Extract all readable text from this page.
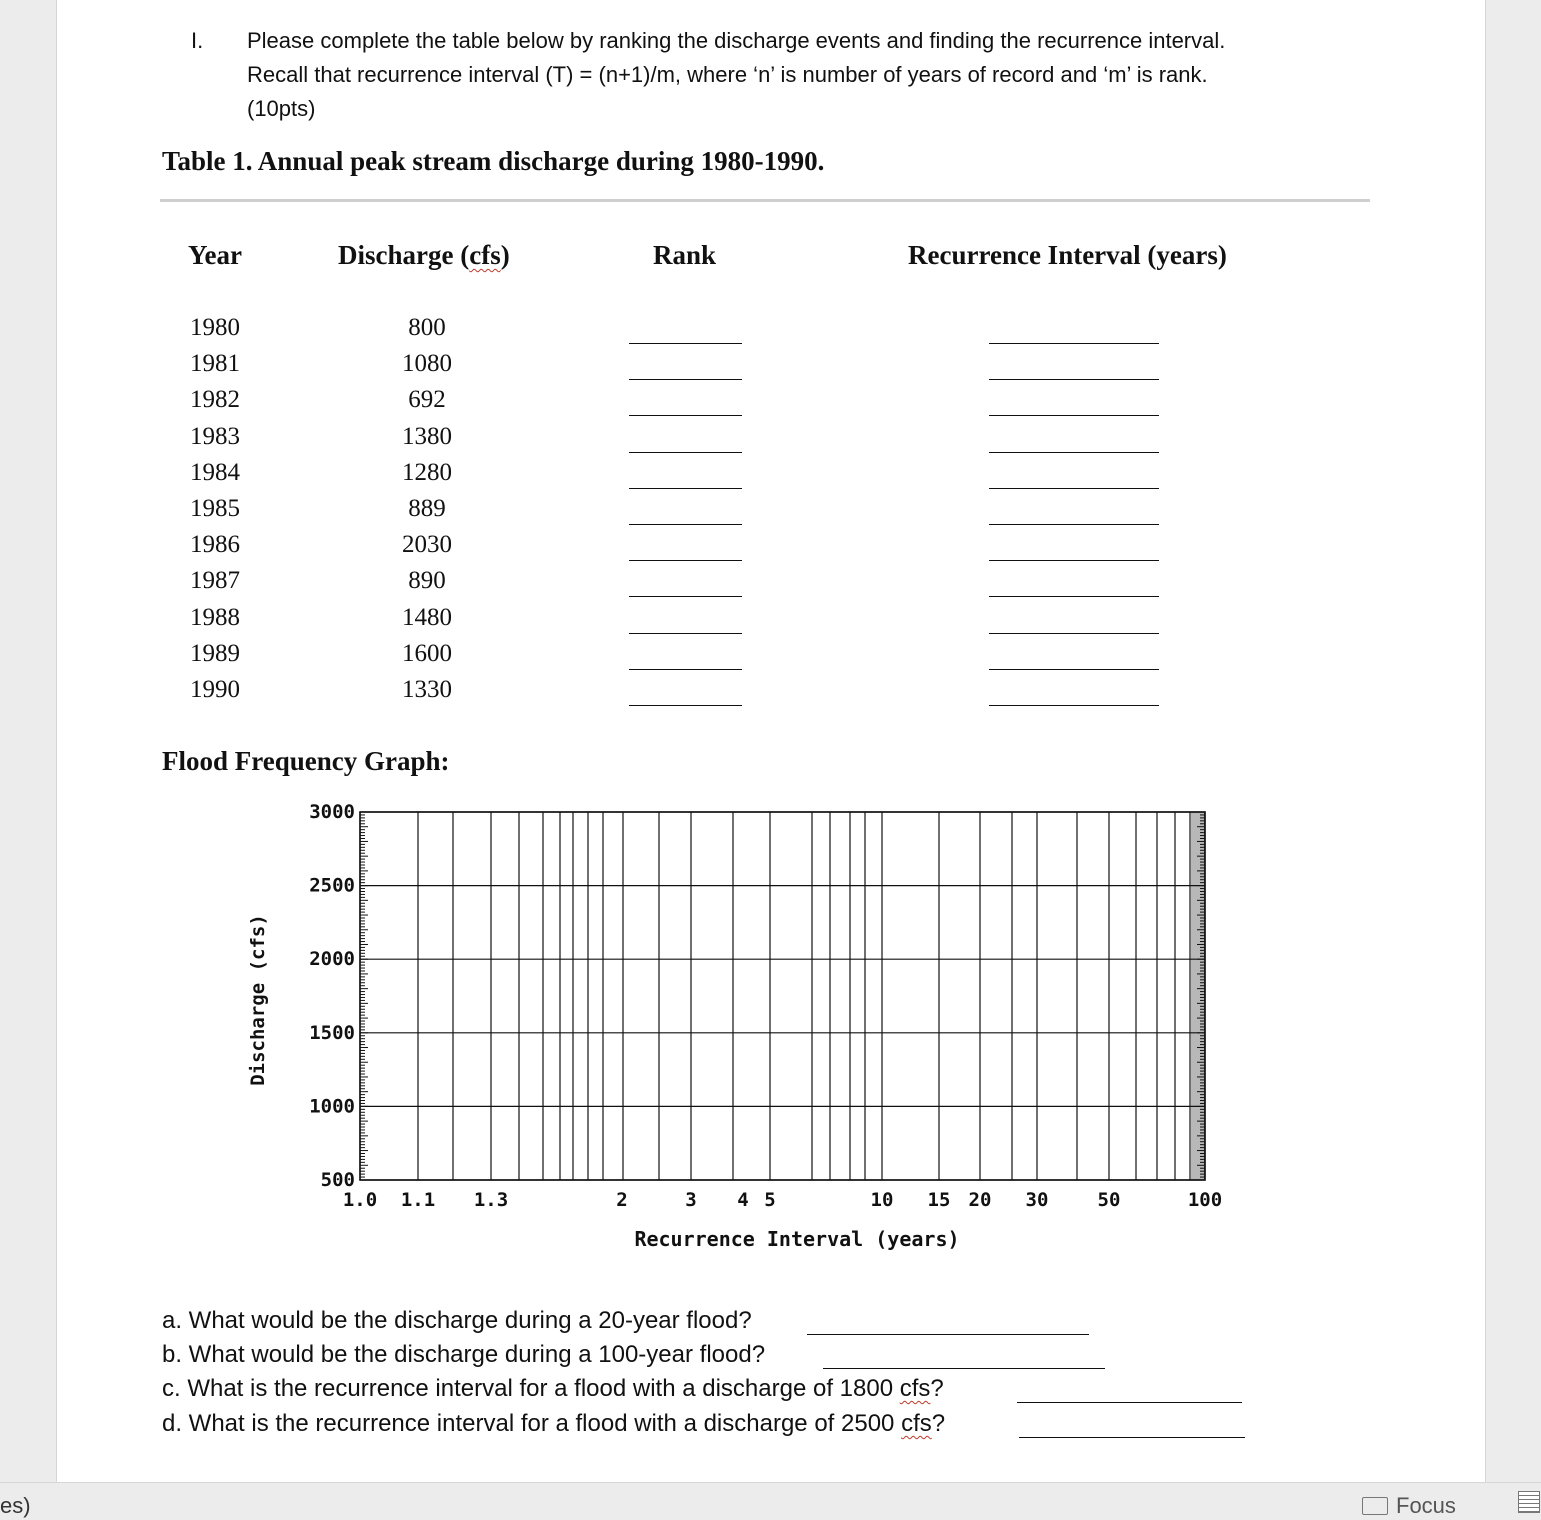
I. Please complete the table below by ranking the discharge events and finding the recurrence interval.
Recall that recurrence interval (T) = (n+1)/m, where ‘n’ is number of years of record and ‘m’ is rank.
(10pts)
Table 1. Annual peak stream discharge during 1980-1990.
Year	Discharge (cfs)	Rank	Recurrence Interval (years)
1980	800
1981	1080
1982	692
1983	1380
1984	1280
1985	889
1986	2030
1987	890
1988	1480
1989	1600
1990	1330
Flood Frequency Graph:
500
1000
1500
2000
2500
3000
1.0 1.1 1.3	2	3 4 5	10 15 20 30	50	100
Recurrence Interval (years)
Discharge (cfs)
a. What would be the discharge during a 20-year flood?
b. What would be the discharge during a 100-year flood?
c. What is the recurrence interval for a flood with a discharge of 1800 cfs?
d. What is the recurrence interval for a flood with a discharge of 2500 cfs?
es)	Focus
